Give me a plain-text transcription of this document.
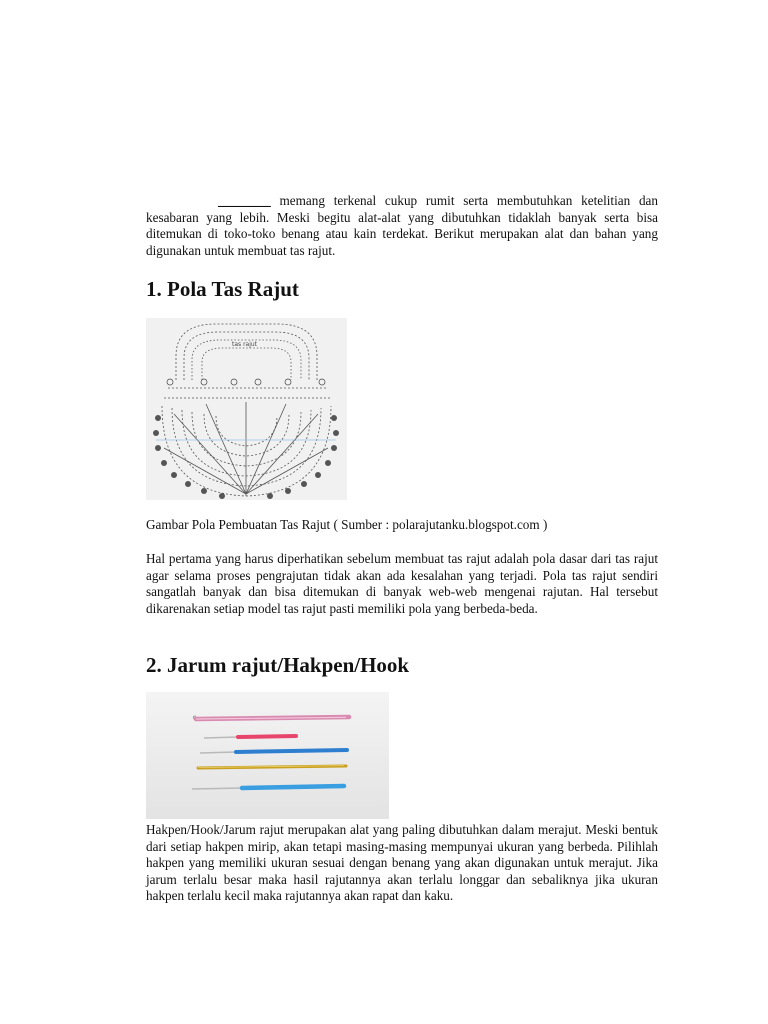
________ memang terkenal cukup rumit serta membutuhkan ketelitian dan kesabaran yang lebih. Meski begitu alat-alat yang dibutuhkan tidaklah banyak serta bisa ditemukan di toko-toko benang atau kain terdekat. Berikut merupakan alat dan bahan yang digunakan untuk membuat tas rajut.

1. Pola Tas Rajut
tas rajut

Gambar Pola Pembuatan Tas Rajut ( Sumber : polarajutanku.blogspot.com )

Hal pertama yang harus diperhatikan sebelum membuat tas rajut adalah pola dasar dari tas rajut agar selama proses pengrajutan tidak akan ada kesalahan yang terjadi. Pola tas rajut sendiri sangatlah banyak dan bisa ditemukan di banyak web-web mengenai rajutan. Hal tersebut dikarenakan setiap model tas rajut pasti memiliki pola yang berbeda-beda.

2. Jarum rajut/Hakpen/Hook

Hakpen/Hook/Jarum rajut merupakan alat yang paling dibutuhkan dalam merajut. Meski bentuk dari setiap hakpen mirip, akan tetapi masing-masing mempunyai ukuran yang berbeda. Pilihlah hakpen yang memiliki ukuran sesuai dengan benang yang akan digunakan untuk merajut. Jika jarum terlalu besar maka hasil rajutannya akan terlalu longgar dan sebaliknya jika ukuran hakpen terlalu kecil maka rajutannya akan rapat dan kaku.
